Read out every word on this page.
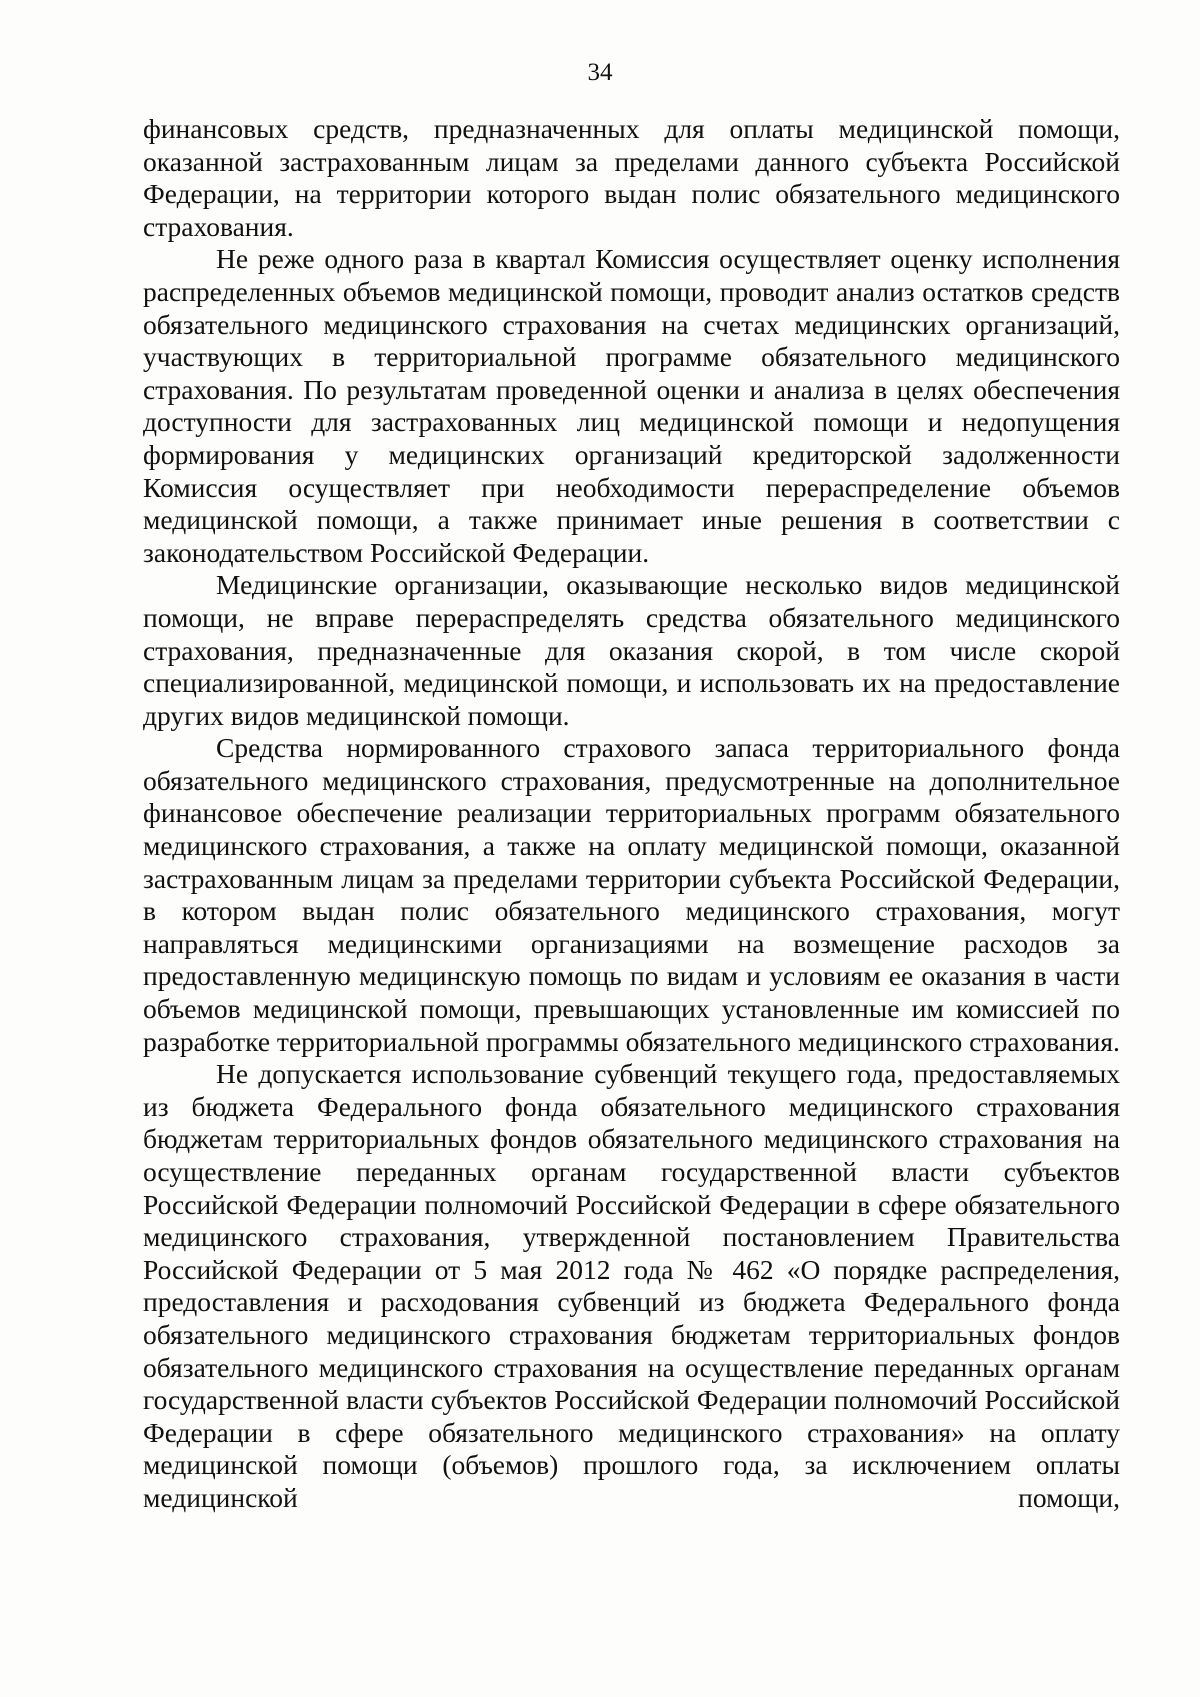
34

финансовых средств, предназначенных для оплаты медицинской помощи, оказанной застрахованным лицам за пределами данного субъекта Российской Федерации, на территории которого выдан полис обязательного медицинского страхования.

Не реже одного раза в квартал Комиссия осуществляет оценку исполнения распределенных объемов медицинской помощи, проводит анализ остатков средств обязательного медицинского страхования на счетах медицинских организаций, участвующих в территориальной программе обязательного медицинского страхования. По результатам проведенной оценки и анализа в целях обеспечения доступности для застрахованных лиц медицинской помощи и недопущения формирования у медицинских организаций кредиторской задолженности Комиссия осуществляет при необходимости перераспределение объемов медицинской помощи, а также принимает иные решения в соответствии с законодательством Российской Федерации.

Медицинские организации, оказывающие несколько видов медицинской помощи, не вправе перераспределять средства обязательного медицинского страхования, предназначенные для оказания скорой, в том числе скорой специализированной, медицинской помощи, и использовать их на предоставление других видов медицинской помощи.

Средства нормированного страхового запаса территориального фонда обязательного медицинского страхования, предусмотренные на дополнительное финансовое обеспечение реализации территориальных программ обязательного медицинского страхования, а также на оплату медицинской помощи, оказанной застрахованным лицам за пределами территории субъекта Российской Федерации, в котором выдан полис обязательного медицинского страхования, могут направляться медицинскими организациями на возмещение расходов за предоставленную медицинскую помощь по видам и условиям ее оказания в части объемов медицинской помощи, превышающих установленные им комиссией по разработке территориальной программы обязательного медицинского страхования.

Не допускается использование субвенций текущего года, предоставляемых из бюджета Федерального фонда обязательного медицинского страхования бюджетам территориальных фондов обязательного медицинского страхования на осуществление переданных органам государственной власти субъектов Российской Федерации полномочий Российской Федерации в сфере обязательного медицинского страхования, утвержденной постановлением Правительства Российской Федерации от 5 мая 2012 года № 462 «О порядке распределения, предоставления и расходования субвенций из бюджета Федерального фонда обязательного медицинского страхования бюджетам территориальных фондов обязательного медицинского страхования на осуществление переданных органам государственной власти субъектов Российской Федерации полномочий Российской Федерации в сфере обязательного медицинского страхования» на оплату медицинской помощи (объемов) прошлого года, за исключением оплаты медицинской помощи,
